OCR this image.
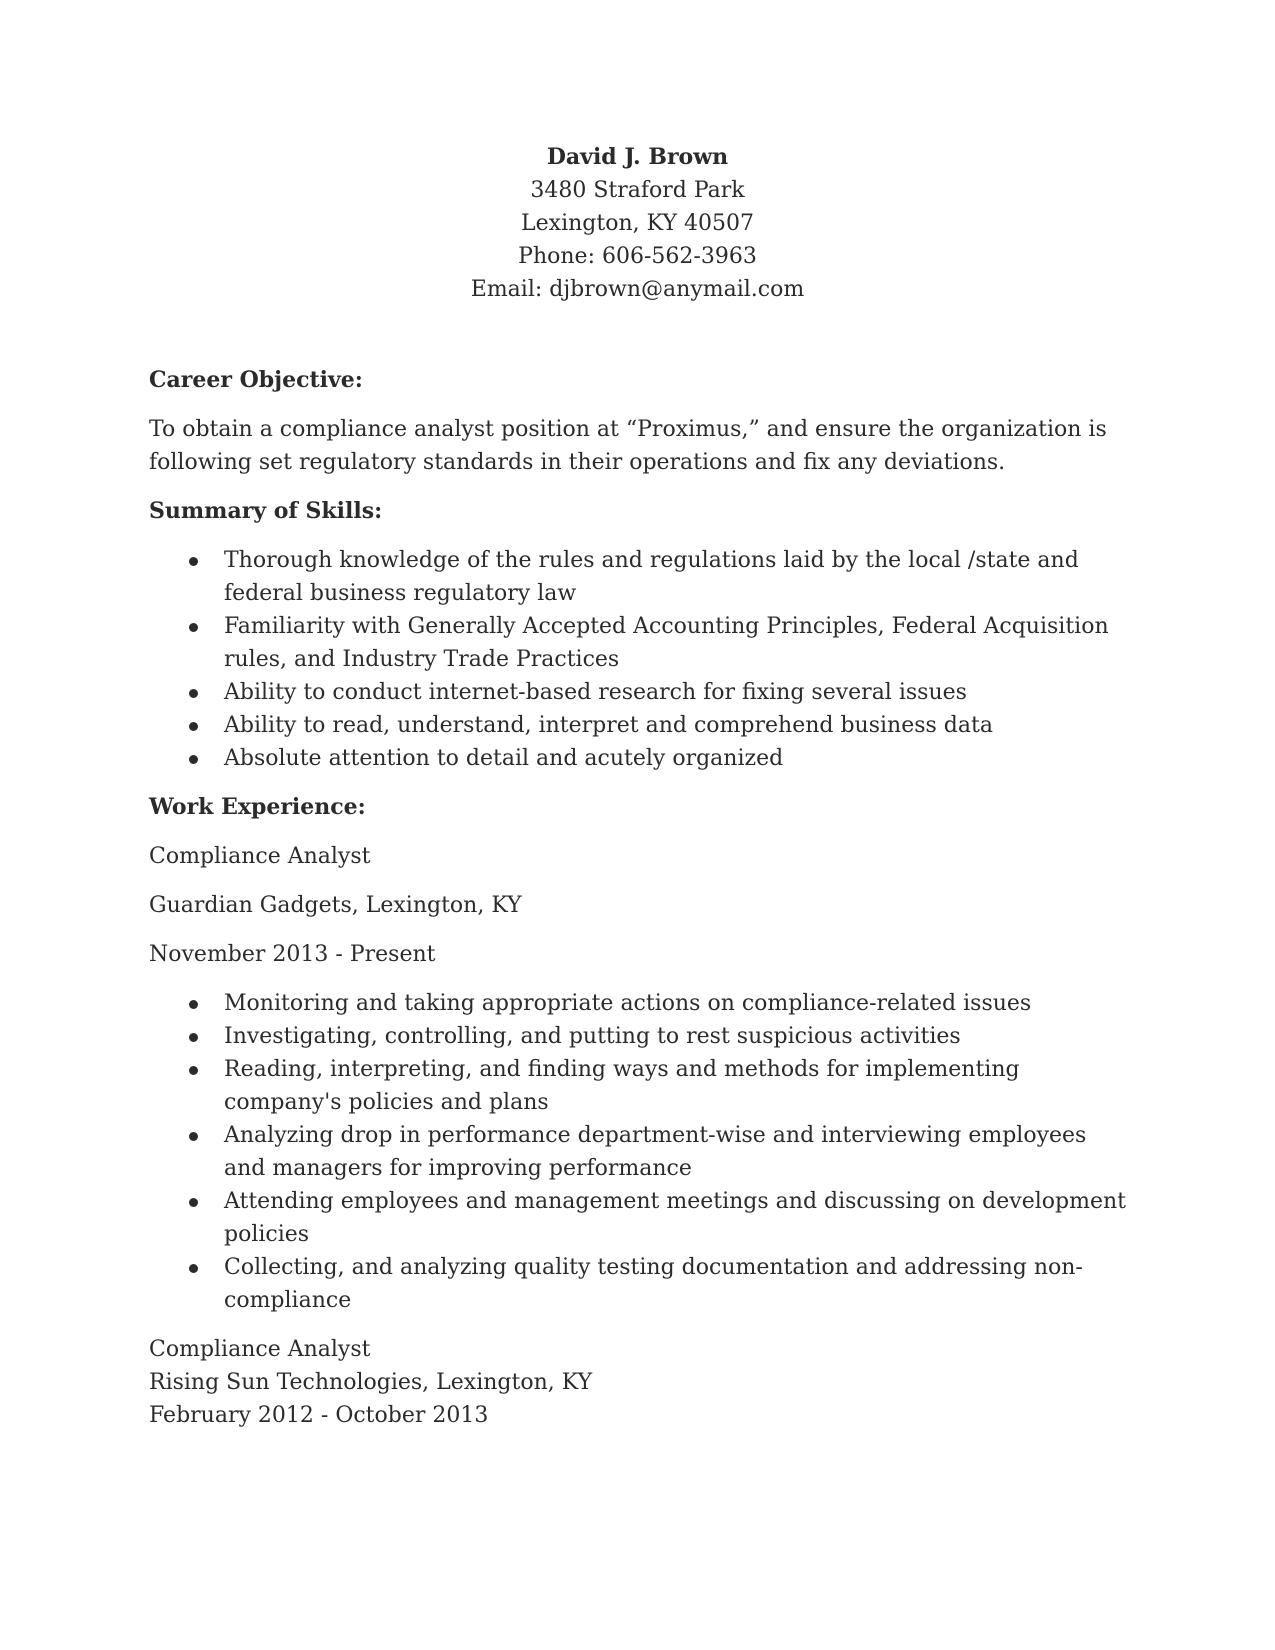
David J. Brown
3480 Straford Park
Lexington, KY 40507
Phone: 606-562-3963
Email: djbrown@anymail.com
Career Objective:

To obtain a compliance analyst position at “Proximus,” and ensure the organization is following set regulatory standards in their operations and fix any deviations.

Summary of Skills:
Thorough knowledge of the rules and regulations laid by the local /state and federal business regulatory law
Familiarity with Generally Accepted Accounting Principles, Federal Acquisition rules, and Industry Trade Practices
Ability to conduct internet-based research for fixing several issues
Ability to read, understand, interpret and comprehend business data
Absolute attention to detail and acutely organized
Work Experience:

Compliance Analyst

Guardian Gadgets, Lexington, KY

November 2013 - Present

Monitoring and taking appropriate actions on compliance-related issues
Investigating, controlling, and putting to rest suspicious activities
Reading, interpreting, and finding ways and methods for implementing company's policies and plans
Analyzing drop in performance department-wise and interviewing employees and managers for improving performance
Attending employees and management meetings and discussing on development policies
Collecting, and analyzing quality testing documentation and addressing non-compliance

Compliance Analyst

Rising Sun Technologies, Lexington, KY

February 2012 - October 2013
